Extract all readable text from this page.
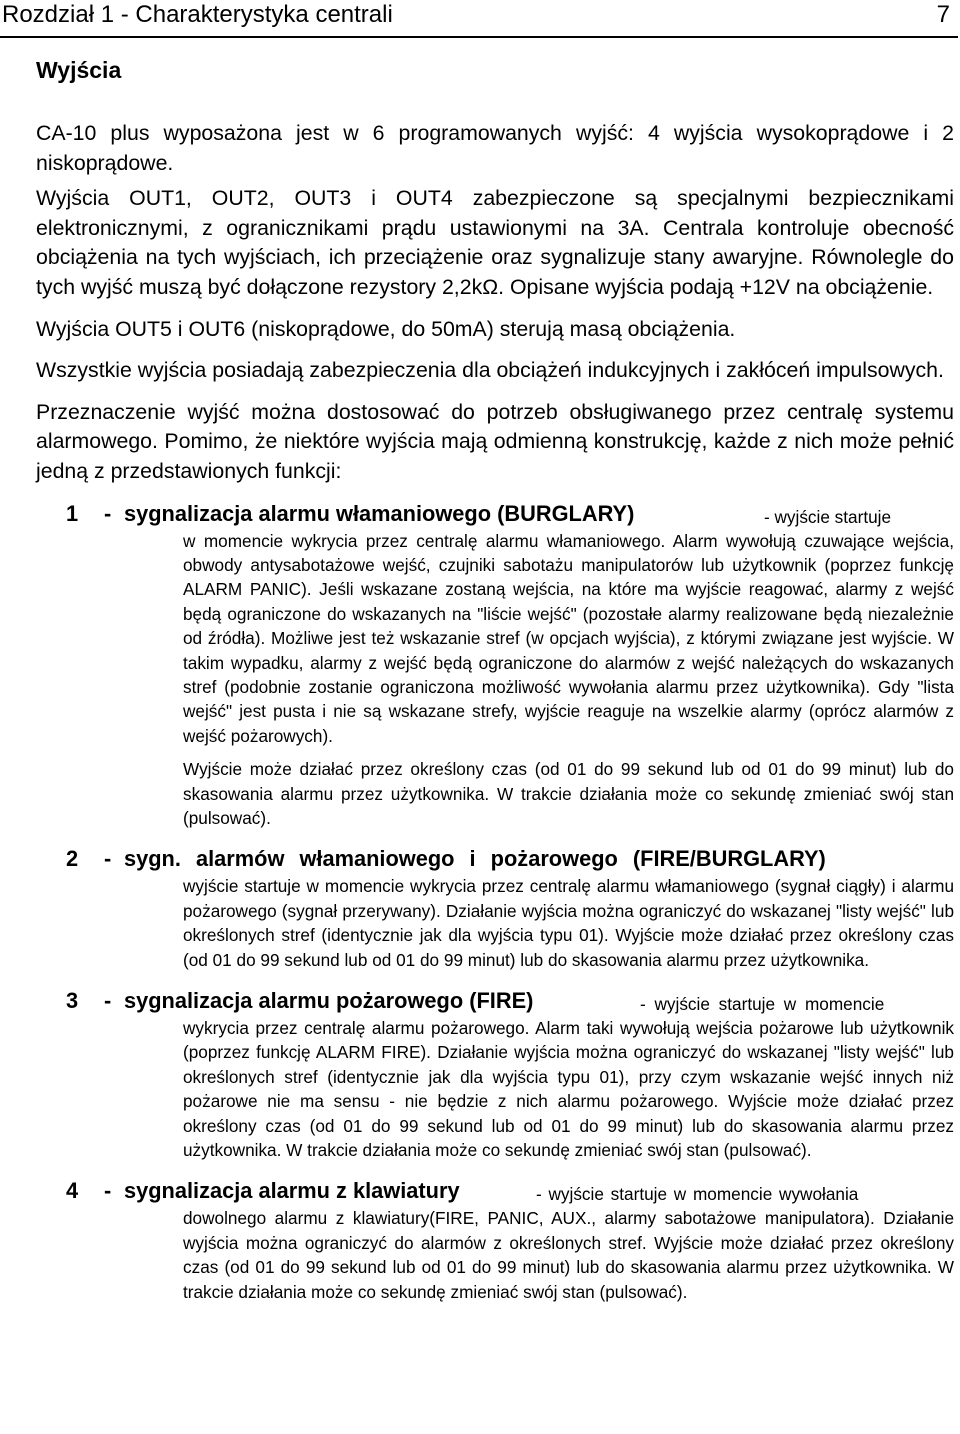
Rozdział 1 - Charakterystyka centrali	7
Wyjścia

CA-10 plus wyposażona jest w 6 programowanych wyjść: 4 wyjścia wysokoprądowe i 2 niskoprądowe.

Wyjścia OUT1, OUT2, OUT3 i OUT4 zabezpieczone są specjalnymi bezpiecznikami elektronicznymi, z ogranicznikami prądu ustawionymi na 3A. Centrala kontroluje obecność obciążenia na tych wyjściach, ich przeciążenie oraz sygnalizuje stany awaryjne. Równolegle do tych wyjść muszą być dołączone rezystory 2,2kΩ. Opisane wyjścia podają +12V na obciążenie.

Wyjścia OUT5 i OUT6 (niskoprądowe, do 50mA) sterują masą obciążenia.

Wszystkie wyjścia posiadają zabezpieczenia dla obciążeń indukcyjnych i zakłóceń impulsowych.

Przeznaczenie wyjść można dostosować do potrzeb obsługiwanego przez centralę systemu alarmowego. Pomimo, że niektóre wyjścia mają odmienną konstrukcję, każde z nich może pełnić jedną z przedstawionych funkcji:

1 - sygnalizacja alarmu włamaniowego (BURGLARY)	- wyjście startuje

w momencie wykrycia przez centralę alarmu włamaniowego. Alarm wywołują czuwające wejścia, obwody antysabotażowe wejść, czujniki sabotażu manipulatorów lub użytkownik (poprzez funkcję ALARM PANIC). Jeśli wskazane zostaną wejścia, na które ma wyjście reagować, alarmy z wejść będą ograniczone do wskazanych na "liście wejść" (pozostałe alarmy realizowane będą niezależnie od źródła). Możliwe jest też wskazanie stref (w opcjach wyjścia), z którymi związane jest wyjście. W takim wypadku, alarmy z wejść będą ograniczone do alarmów z wejść należących do wskazanych stref (podobnie zostanie ograniczona możliwość wywołania alarmu przez użytkownika). Gdy "lista wejść" jest pusta i nie są wskazane strefy, wyjście reaguje na wszelkie alarmy (oprócz alarmów z wejść pożarowych).

Wyjście może działać przez określony czas (od 01 do 99 sekund lub od 01 do 99 minut) lub do skasowania alarmu przez użytkownika. W trakcie działania może co sekundę zmieniać swój stan (pulsować).

2 - sygn. alarmów włamaniowego i pożarowego (FIRE/BURGLARY)

wyjście startuje w momencie wykrycia przez centralę alarmu włamaniowego (sygnał ciągły) i alarmu pożarowego (sygnał przerywany). Działanie wyjścia można ograniczyć do wskazanej "listy wejść" lub określonych stref (identycznie jak dla wyjścia typu 01). Wyjście może działać przez określony czas (od 01 do 99 sekund lub od 01 do 99 minut) lub do skasowania alarmu przez użytkownika.

3 - sygnalizacja alarmu pożarowego (FIRE)	- wyjście startuje w momencie

wykrycia przez centralę alarmu pożarowego. Alarm taki wywołują wejścia pożarowe lub użytkownik (poprzez funkcję ALARM FIRE). Działanie wyjścia można ograniczyć do wskazanej "listy wejść" lub określonych stref (identycznie jak dla wyjścia typu 01), przy czym wskazanie wejść innych niż pożarowe nie ma sensu - nie będzie z nich alarmu pożarowego. Wyjście może działać przez określony czas (od 01 do 99 sekund lub od 01 do 99 minut) lub do skasowania alarmu przez użytkownika. W trakcie działania może co sekundę zmieniać swój stan (pulsować).

4 - sygnalizacja alarmu z klawiatury	- wyjście startuje w momencie wywołania

dowolnego alarmu z klawiatury(FIRE, PANIC, AUX., alarmy sabotażowe manipulatora). Działanie wyjścia można ograniczyć do alarmów z określonych stref. Wyjście może działać przez określony czas (od 01 do 99 sekund lub od 01 do 99 minut) lub do skasowania alarmu przez użytkownika. W trakcie działania może co sekundę zmieniać swój stan (pulsować).
